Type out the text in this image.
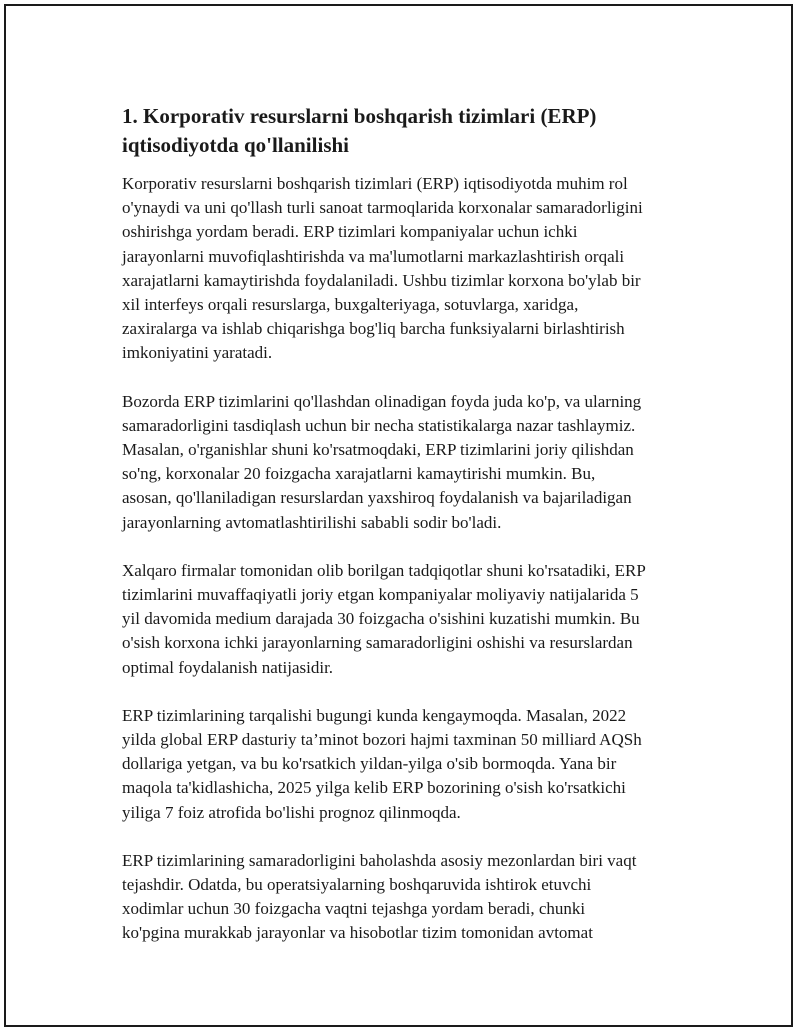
1. Korporativ resurslarni boshqarish tizimlari (ERP)
iqtisodiyotda qo'llanilishi
Korporativ resurslarni boshqarish tizimlari (ERP) iqtisodiyotda muhim rol
o'ynaydi va uni qo'llash turli sanoat tarmoqlarida korxonalar samaradorligini
oshirishga yordam beradi. ERP tizimlari kompaniyalar uchun ichki
jarayonlarni muvofiqlashtirishda va ma'lumotlarni markazlashtirish orqali
xarajatlarni kamaytirishda foydalaniladi. Ushbu tizimlar korxona bo'ylab bir
xil interfeys orqali resurslarga, buxgalteriyaga, sotuvlarga, xaridga,
zaxiralarga va ishlab chiqarishga bog'liq barcha funksiyalarni birlashtirish
imkoniyatini yaratadi.
Bozorda ERP tizimlarini qo'llashdan olinadigan foyda juda ko'p, va ularning
samaradorligini tasdiqlash uchun bir necha statistikalarga nazar tashlaymiz.
Masalan, o'rganishlar shuni ko'rsatmoqdaki, ERP tizimlarini joriy qilishdan
so'ng, korxonalar 20 foizgacha xarajatlarni kamaytirishi mumkin. Bu,
asosan, qo'llaniladigan resurslardan yaxshiroq foydalanish va bajariladigan
jarayonlarning avtomatlashtirilishi sababli sodir bo'ladi.
Xalqaro firmalar tomonidan olib borilgan tadqiqotlar shuni ko'rsatadiki, ERP
tizimlarini muvaffaqiyatli joriy etgan kompaniyalar moliyaviy natijalarida 5
yil davomida medium darajada 30 foizgacha o'sishini kuzatishi mumkin. Bu
o'sish korxona ichki jarayonlarning samaradorligini oshishi va resurslardan
optimal foydalanish natijasidir.
ERP tizimlarining tarqalishi bugungi kunda kengaymoqda. Masalan, 2022
yilda global ERP dasturiy ta’minot bozori hajmi taxminan 50 milliard AQSh
dollariga yetgan, va bu ko'rsatkich yildan-yilga o'sib bormoqda. Yana bir
maqola ta'kidlashicha, 2025 yilga kelib ERP bozorining o'sish ko'rsatkichi
yiliga 7 foiz atrofida bo'lishi prognoz qilinmoqda.
ERP tizimlarining samaradorligini baholashda asosiy mezonlardan biri vaqt
tejashdir. Odatda, bu operatsiyalarning boshqaruvida ishtirok etuvchi
xodimlar uchun 30 foizgacha vaqtni tejashga yordam beradi, chunki
ko'pgina murakkab jarayonlar va hisobotlar tizim tomonidan avtomat
